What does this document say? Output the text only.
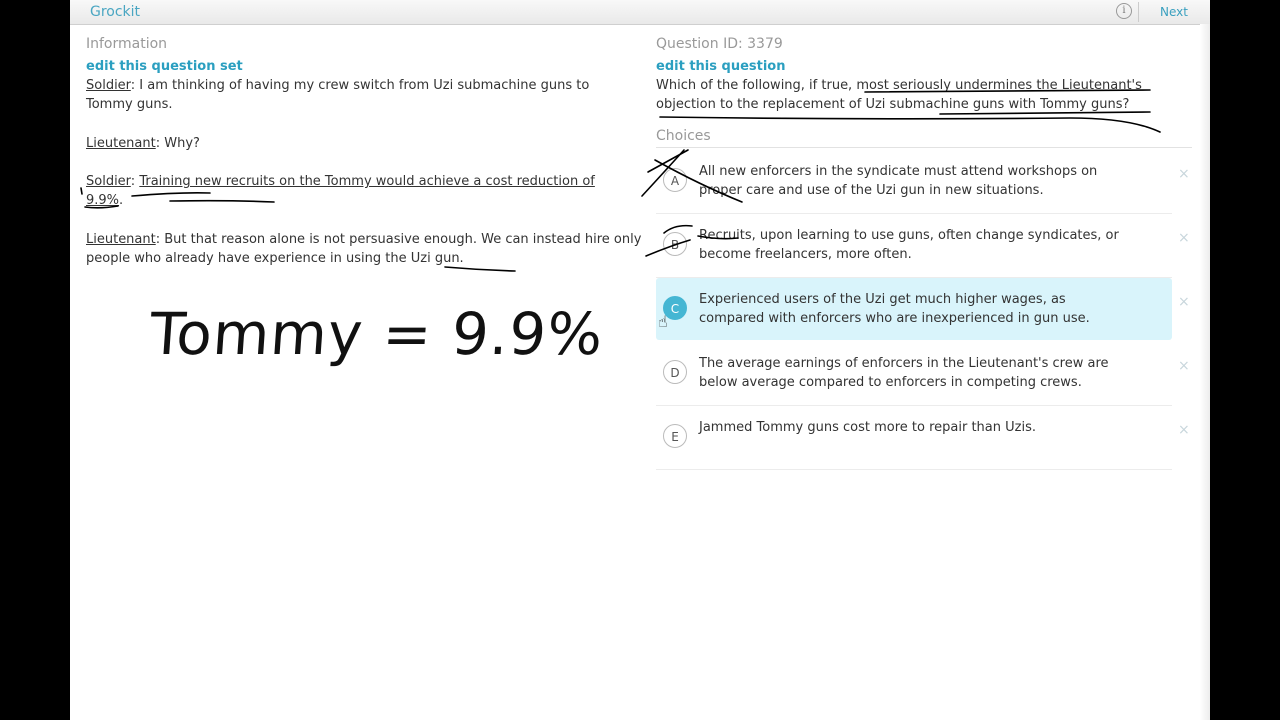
Grockit	i	Next
Information
edit this question set
Soldier: I am thinking of having my crew switch from Uzi submachine guns to Tommy guns.
Lieutenant: Why?
Soldier: Training new recruits on the Tommy would achieve a cost reduction of 9.9%.
Lieutenant: But that reason alone is not persuasive enough. We can instead hire only people who already have experience in using the Uzi gun.
Question ID: 3379
edit this question
Which of the following, if true, most seriously undermines the Lieutenant's objection to the replacement of Uzi submachine guns with Tommy guns?
Choices
A
All new enforcers in the syndicate must attend workshops on proper care and use of the Uzi gun in new situations.
×
B
Recruits, upon learning to use guns, often change syndicates, or become freelancers, more often.
×
C
Experienced users of the Uzi get much higher wages, as compared with enforcers who are inexperienced in gun use.
×
D
The average earnings of enforcers in the Lieutenant's crew are below average compared to enforcers in competing crews.
×
E
Jammed Tommy guns cost more to repair than Uzis.	×
Tommy = 9.9%	☝
